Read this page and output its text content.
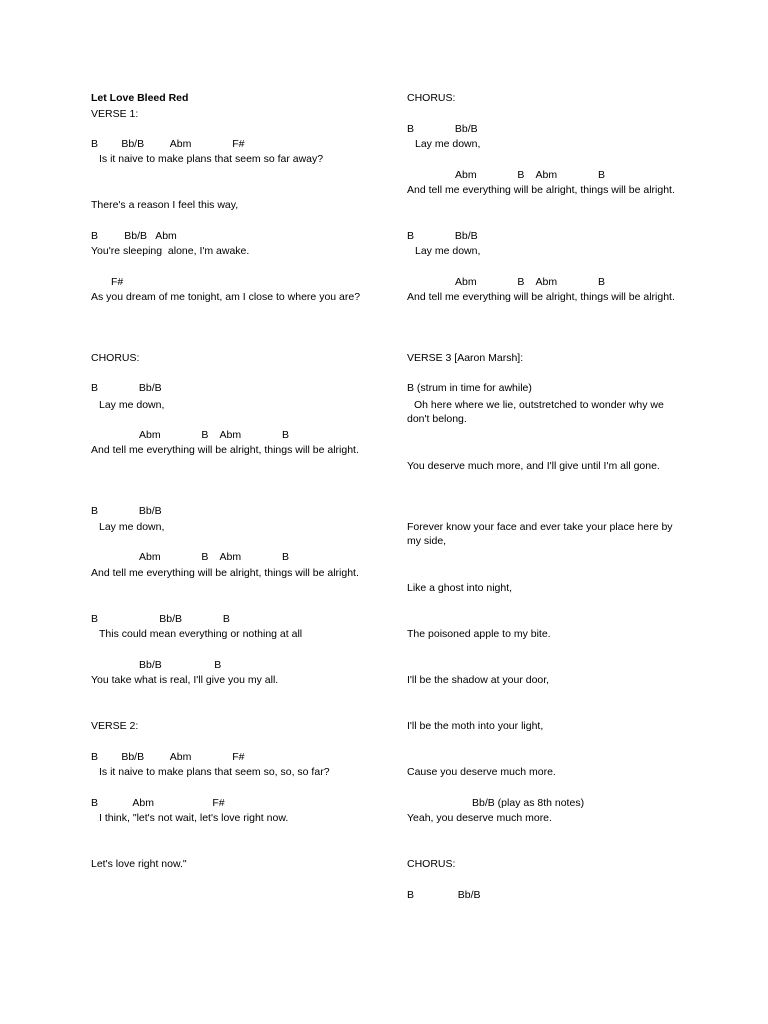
Let Love Bleed Red
VERSE 1:
B        Bb/B         Abm              F#
Is it naive to make plans that seem so far away?
There's a reason I feel this way,
B         Bb/B   Abm
You're sleeping  alone, I'm awake.
F#
As you dream of me tonight, am I close to where you are?
CHORUS:
B              Bb/B
Lay me down,
Abm              B    Abm              B
And tell me everything will be alright, things will be alright.
B              Bb/B
Lay me down,
Abm              B    Abm              B
And tell me everything will be alright, things will be alright.
B                     Bb/B              B
This could mean everything or nothing at all
Bb/B                  B
You take what is real, I'll give you my all.
VERSE 2:
B        Bb/B         Abm              F#
Is it naive to make plans that seem so, so, so far?
B            Abm                    F#
I think, "let's not wait, let's love right now.
Let's love right now."
CHORUS:
B              Bb/B
Lay me down,
Abm              B    Abm              B
And tell me everything will be alright, things will be alright.
B              Bb/B
Lay me down,
Abm              B    Abm              B
And tell me everything will be alright, things will be alright.
VERSE 3 [Aaron Marsh]:
B (strum in time for awhile)
Oh here where we lie, outstretched to wonder why we don't belong.
You deserve much more, and I'll give until I'm all gone.
Forever know your face and ever take your place here by my side,
Like a ghost into night,
The poisoned apple to my bite.
I'll be the shadow at your door,
I'll be the moth into your light,
Cause you deserve much more.
Bb/B (play as 8th notes)
Yeah, you deserve much more.
CHORUS:
B               Bb/B
